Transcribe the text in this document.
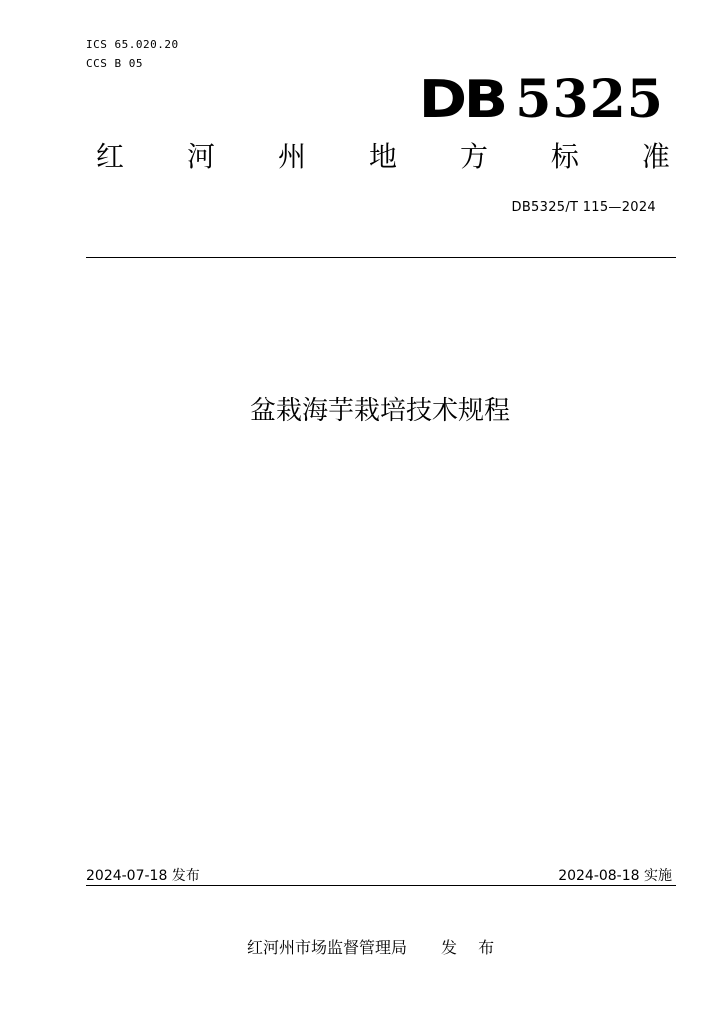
ICS 65.020.20
CCS B 05
DB 5325
红 河 州 地 方 标 准
DB5325/T 115—2024
盆栽海芋栽培技术规程
2024-07-18 发布	2024-08-18 实施
红河州市场监督管理局 发 布
